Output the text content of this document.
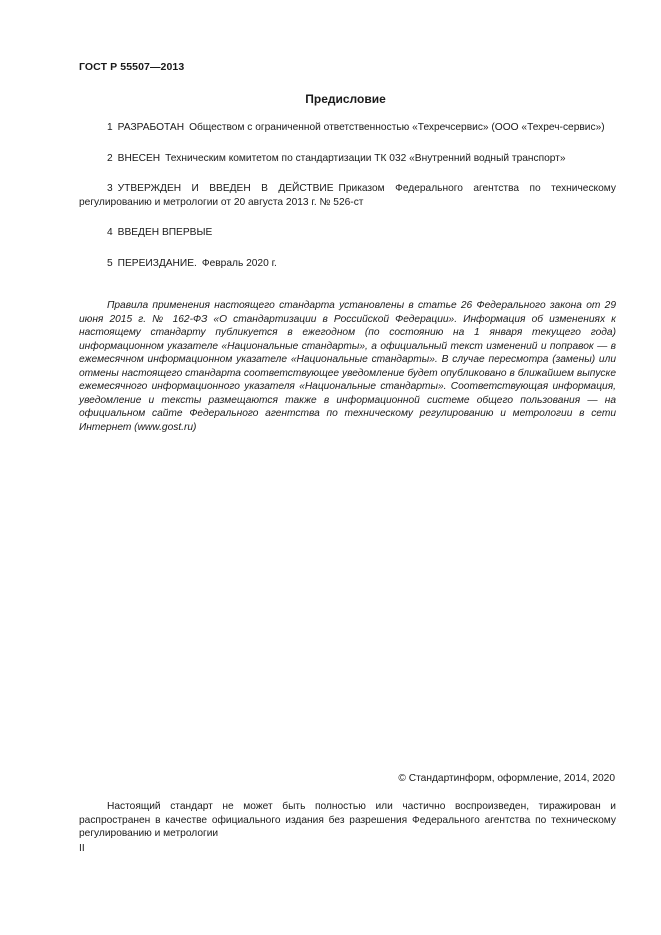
ГОСТ Р 55507—2013
Предисловие

1 РАЗРАБОТАН Обществом с ограниченной ответственностью «Техречсервис» (ООО «Техреч-сервис»)

2 ВНЕСЕН Техническим комитетом по стандартизации ТК 032 «Внутренний водный транспорт»

3 УТВЕРЖДЕН И ВВЕДЕН В ДЕЙСТВИЕ Приказом Федерального агентства по техническому регулированию и метрологии от 20 августа 2013 г. № 526-ст

4 ВВЕДЕН ВПЕРВЫЕ

5 ПЕРЕИЗДАНИЕ. Февраль 2020 г.

Правила применения настоящего стандарта установлены в статье 26 Федерального закона от 29 июня 2015 г. № 162-ФЗ «О стандартизации в Российской Федерации». Информация об изменениях к настоящему стандарту публикуется в ежегодном (по состоянию на 1 января текущего года) информационном указателе «Национальные стандарты», а официальный текст изменений и поправок — в ежемесячном информационном указателе «Национальные стандарты». В случае пересмотра (замены) или отмены настоящего стандарта соответствующее уведомление будет опубликовано в ближайшем выпуске ежемесячного информационного указателя «Национальные стандарты». Соответствующая информация, уведомление и тексты размещаются также в информационной системе общего пользования — на официальном сайте Федерального агентства по техническому регулированию и метрологии в сети Интернет (www.gost.ru)

© Стандартинформ, оформление, 2014, 2020

Настоящий стандарт не может быть полностью или частично воспроизведен, тиражирован и распространен в качестве официального издания без разрешения Федерального агентства по техническому регулированию и метрологии

II
